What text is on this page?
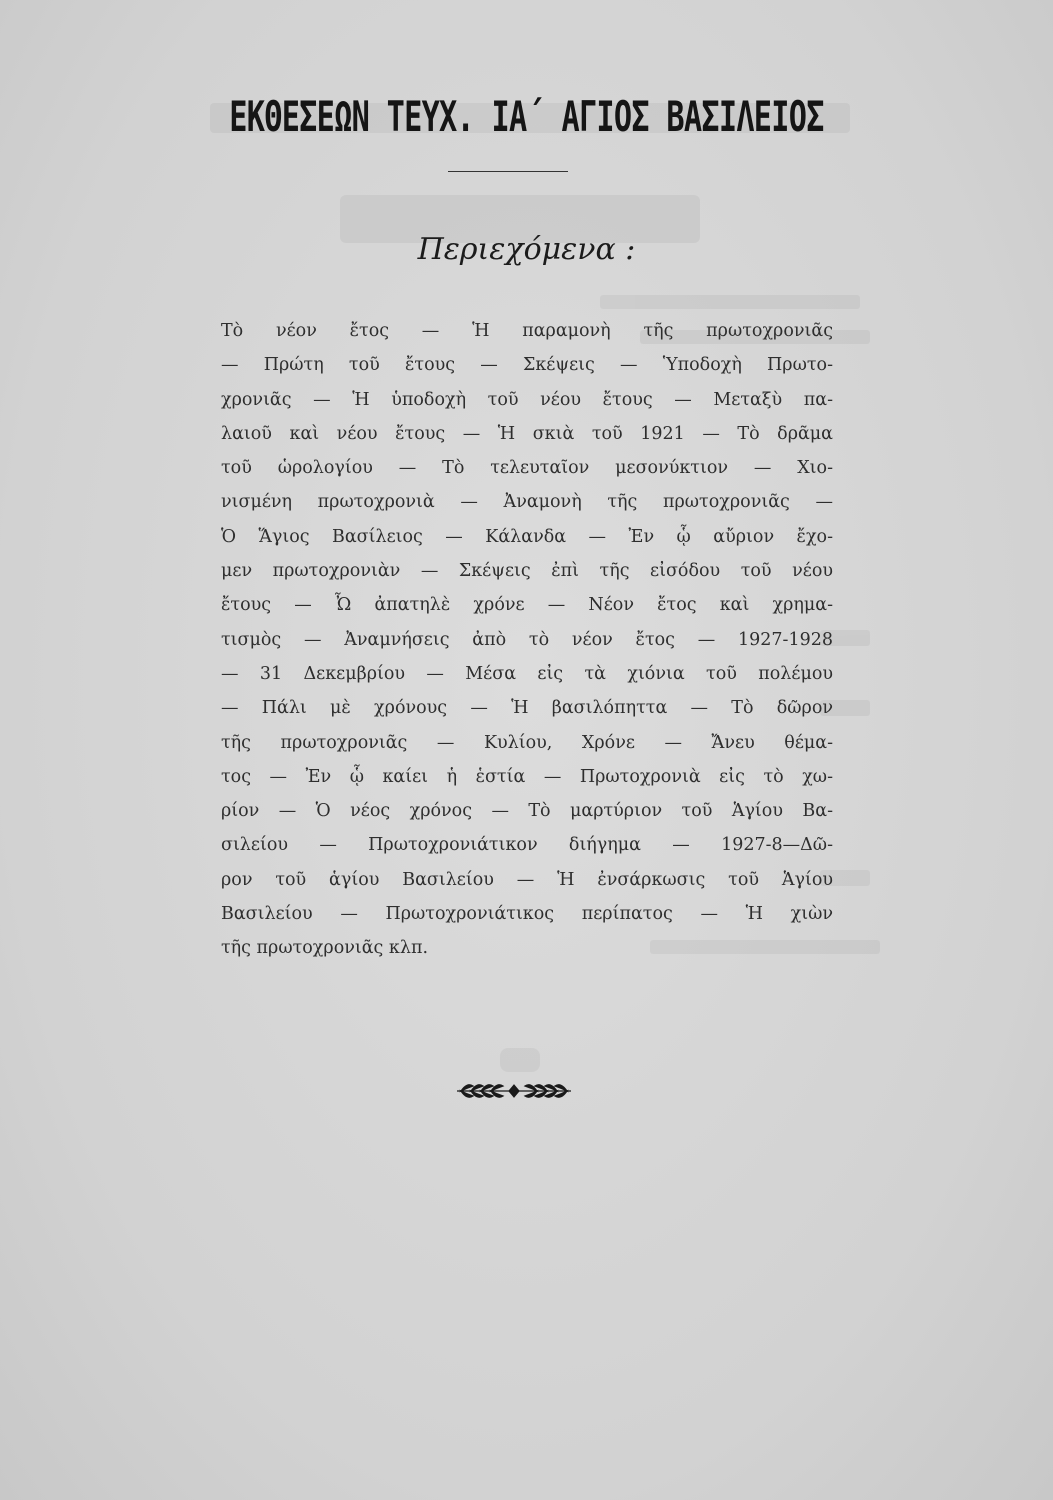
ΕΚΘΕΣΕΩΝ ΤΕΥΧ. ΙΑ΄ ΑΓΙΟΣ ΒΑΣΙΛΕΙΟΣ
Περιεχόμενα :
Τὸ νέον ἔτος — Ἡ παραμονὴ τῆς πρωτοχρονιᾶς
— Πρώτη τοῦ ἔτους — Σκέψεις — Ὑποδοχὴ Πρωτο-
χρονιᾶς — Ἡ ὑποδοχὴ τοῦ νέου ἔτους — Μεταξὺ πα-
λαιοῦ καὶ νέου ἔτους — Ἡ σκιὰ τοῦ 1921 — Τὸ δρᾶμα
τοῦ ὡρολογίου — Τὸ τελευταῖον μεσονύκτιον — Χιο-
νισμένη πρωτοχρονιὰ — Ἀναμονὴ τῆς πρωτοχρονιᾶς —
Ὁ Ἅγιος Βασίλειος — Κάλανδα — Ἐν ᾧ αὔριον ἔχο-
μεν πρωτοχρονιὰν — Σκέψεις ἐπὶ τῆς εἰσόδου τοῦ νέου
ἔτους — Ὦ ἀπατηλὲ χρόνε — Νέον ἔτος καὶ χρημα-
τισμὸς — Ἀναμνήσεις ἀπὸ τὸ νέον ἔτος — 1927-1928
— 31 Δεκεμβρίου — Μέσα εἰς τὰ χιόνια τοῦ πολέμου
— Πάλι μὲ χρόνους — Ἡ βασιλόπηττα — Τὸ δῶρον
τῆς πρωτοχρονιᾶς — Κυλίου, Χρόνε — Ἄνευ θέμα-
τος — Ἐν ᾧ καίει ἡ ἑστία — Πρωτοχρονιὰ εἰς τὸ χω-
ρίον — Ὁ νέος χρόνος — Τὸ μαρτύριον τοῦ Ἁγίου Βα-
σιλείου — Πρωτοχρονιάτικον διήγημα — 1927-8—Δῶ-
ρον τοῦ ἁγίου Βασιλείου — Ἡ ἐνσάρκωσις τοῦ Ἁγίου
Βασιλείου — Πρωτοχρονιάτικος περίπατος — Ἡ χιὼν
τῆς πρωτοχρονιᾶς κλπ.
